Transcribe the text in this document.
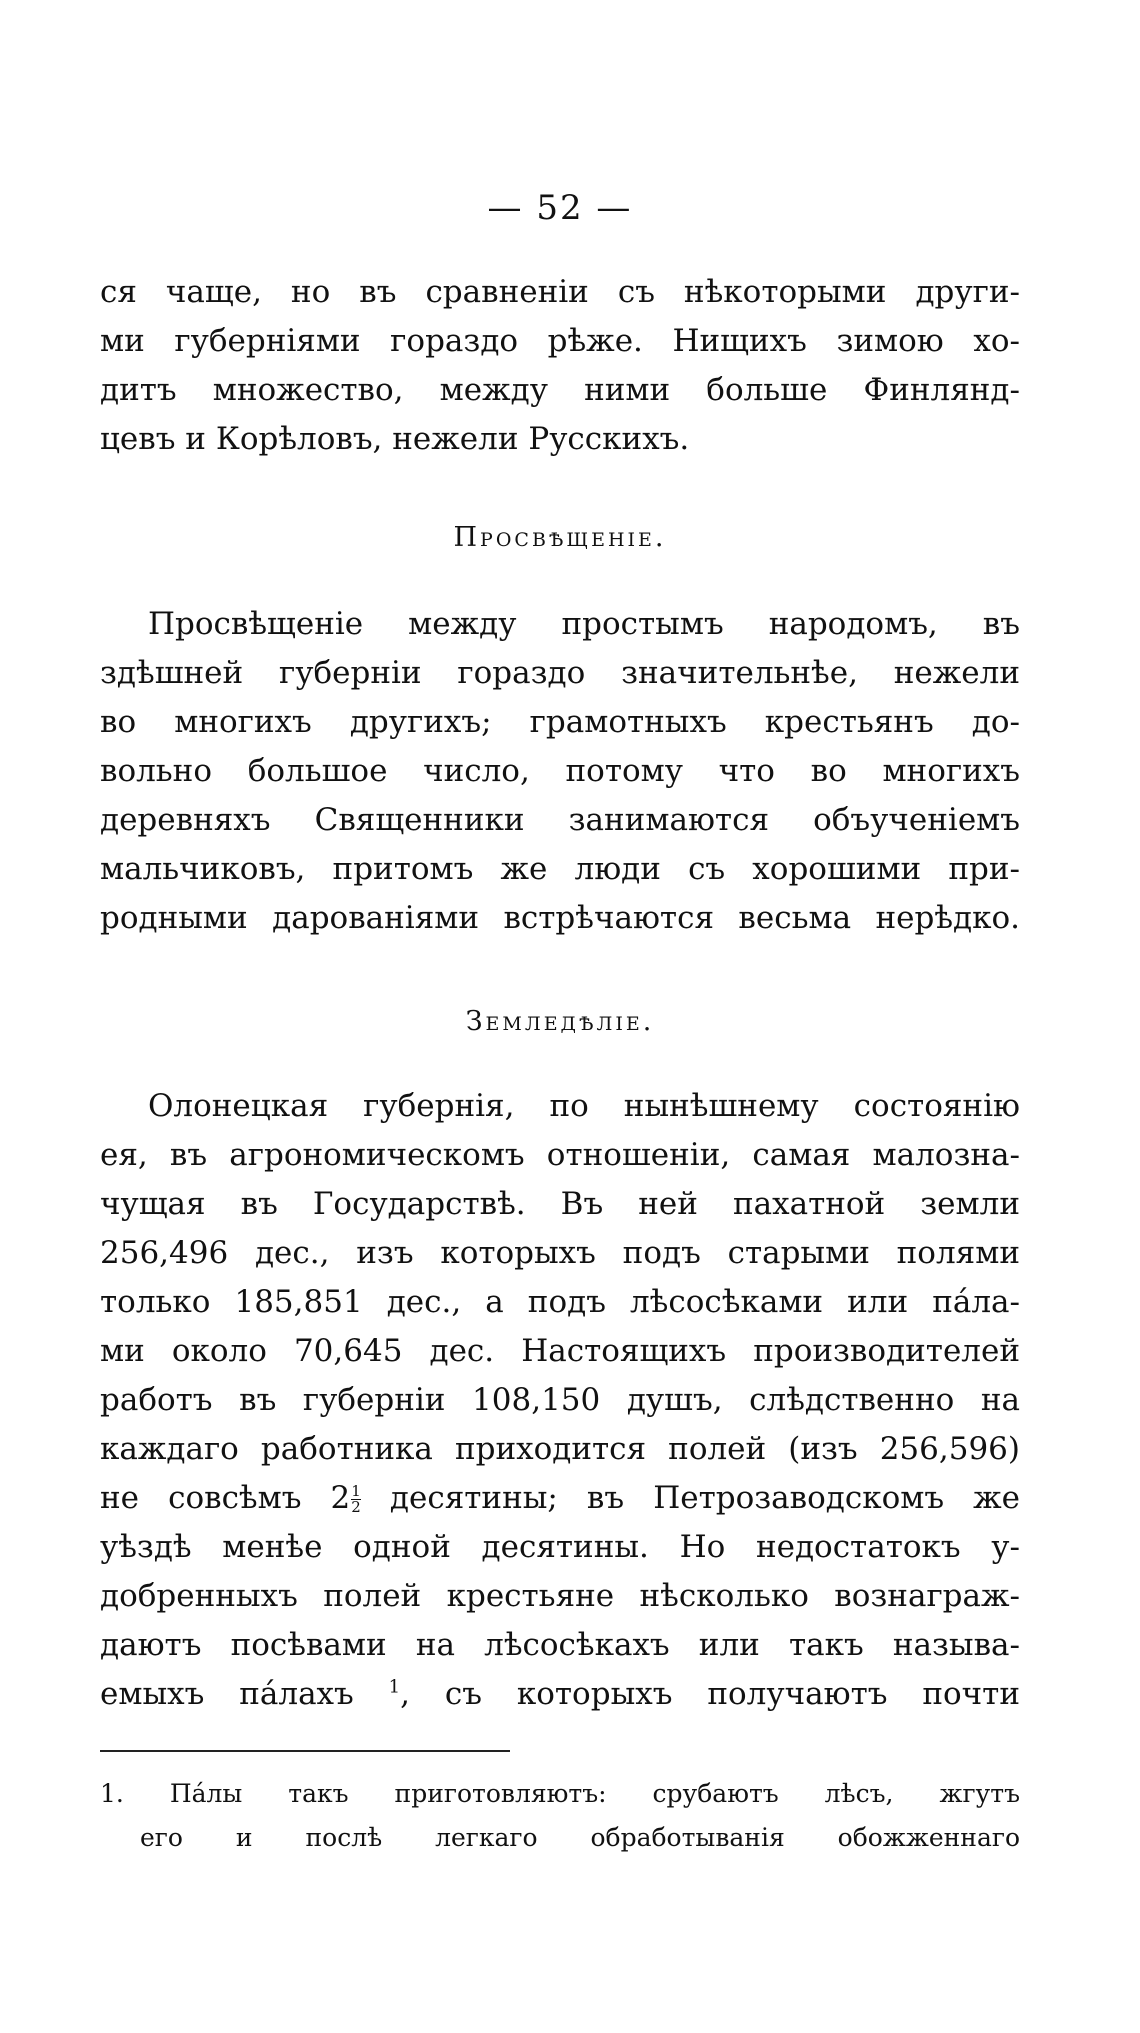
— 52 —
ся чаще, но въ сравненіи съ нѣкоторыми други-
ми губерніями гораздо рѣже. Нищихъ зимою хо-
дитъ множество, между ними больше Финлянд-
цевъ и Корѣловъ, нежели Русскихъ.
Просвѣщеніе.
Просвѣщеніе между простымъ народомъ, въ
здѣшней губерніи гораздо значительнѣе, нежели
во многихъ другихъ; грамотныхъ крестьянъ до-
вольно большое число, потому что во многихъ
деревняхъ Священники занимаются объученіемъ
мальчиковъ, притомъ же люди съ хорошими при-
родными дарованіями встрѣчаются весьма нерѣдко.
Земледѣліе.
Олонецкая губернія, по нынѣшнему состоянію
ея, въ агрономическомъ отношеніи, самая малозна-
чущая въ Государствѣ. Въ ней пахатной земли
256,496 дес., изъ которыхъ подъ старыми полями
только 185,851 дес., а подъ лѣсосѣками или пáла-
ми около 70,645 дес. Настоящихъ производителей
работъ въ губерніи 108,150 душъ, слѣдственно на
каждаго работника приходится полей (изъ 256,596)
не совсѣмъ $2 \frac{1}{2}$ десятины; въ Петрозаводскомъ же
уѣздѣ менѣе одной десятины. Но недостатокъ у-
добренныхъ полей крестьяне нѣсколько вознаграж-
даютъ посѣвами на лѣсосѣкахъ или такъ называ-
емыхъ пáлахъ $^1$, съ которыхъ получаютъ почти
1. Пáлы такъ приготовляютъ: срубаютъ лѣсъ, жгутъ
его и послѣ легкаго обработыванія обожженнаго
